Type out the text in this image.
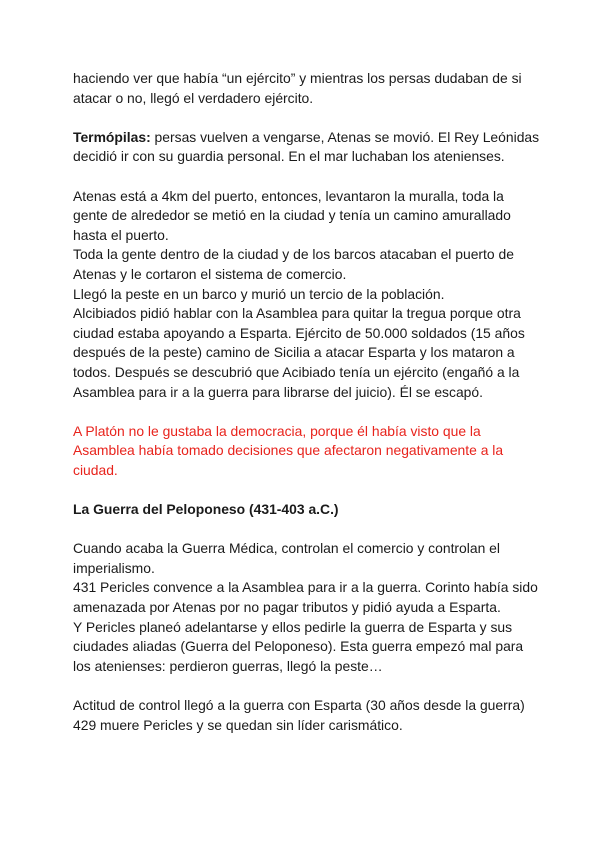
haciendo ver que había “un ejército” y mientras los persas dudaban de si atacar o no, llegó el verdadero ejército.

Termópilas: persas vuelven a vengarse, Atenas se movió. El Rey Leónidas decidió ir con su guardia personal. En el mar luchaban los atenienses.

Atenas está a 4km del puerto, entonces, levantaron la muralla, toda la gente de alrededor se metió en la ciudad y tenía un camino amurallado hasta el puerto.

Toda la gente dentro de la ciudad y de los barcos atacaban el puerto de Atenas y le cortaron el sistema de comercio.

Llegó la peste en un barco y murió un tercio de la población.

Alcibiados pidió hablar con la Asamblea para quitar la tregua porque otra ciudad estaba apoyando a Esparta. Ejército de 50.000 soldados (15 años después de la peste) camino de Sicilia a atacar Esparta y los mataron a todos. Después se descubrió que Acibiado tenía un ejército (engañó a la Asamblea para ir a la guerra para librarse del juicio). Él se escapó.

A Platón no le gustaba la democracia, porque él había visto que la Asamblea había tomado decisiones que afectaron negativamente a la ciudad.

La Guerra del Peloponeso (431-403 a.C.)

Cuando acaba la Guerra Médica, controlan el comercio y controlan el imperialismo.

431 Pericles convence a la Asamblea para ir a la guerra. Corinto había sido amenazada por Atenas por no pagar tributos y pidió ayuda a Esparta.

Y Pericles planeó adelantarse y ellos pedirle la guerra de Esparta y sus ciudades aliadas (Guerra del Peloponeso). Esta guerra empezó mal para los atenienses: perdieron guerras, llegó la peste…

Actitud de control llegó a la guerra con Esparta (30 años desde la guerra) 429 muere Pericles y se quedan sin líder carismático.
